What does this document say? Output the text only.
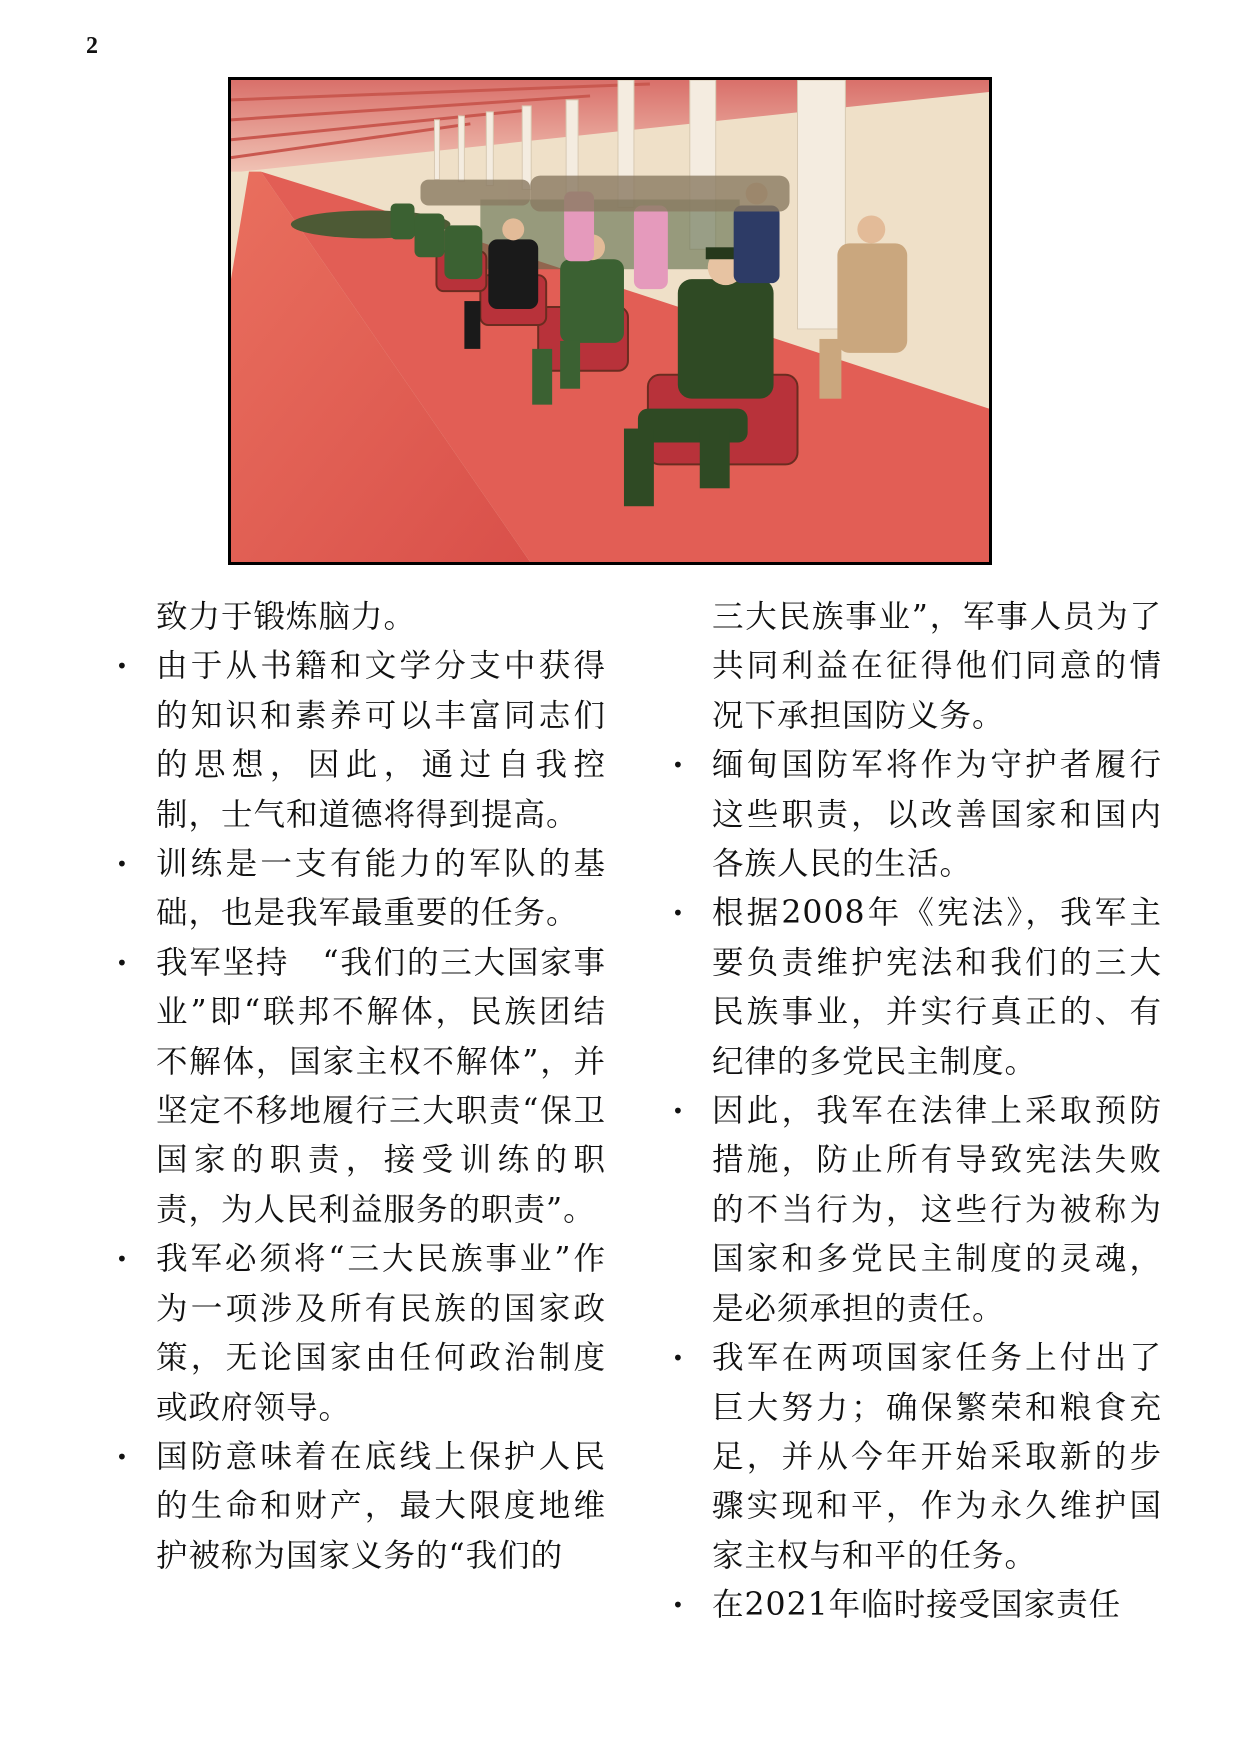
2
致力于锻炼脑力。
• 由于从书籍和文学分支中获得的知识和素养可以丰富同志们的思想，因此，通过自我控制，士气和道德将得到提高。
• 训练是一支有能力的军队的基础，也是我军最重要的任务。
• 我军坚持　“我们的三大国家事业”即“联邦不解体，民族团结不解体，国家主权不解体”，并坚定不移地履行三大职责“保卫国家的职责，接受训练的职责，为人民利益服务的职责”。
• 我军必须将“三大民族事业”作为一项涉及所有民族的国家政策，无论国家由任何政治制度或政府领导。
• 国防意味着在底线上保护人民的生命和财产，最大限度地维护被称为国家义务的“我们的
三大民族事业”，军事人员为了共同利益在征得他们同意的情况下承担国防义务。
• 缅甸国防军将作为守护者履行这些职责，以改善国家和国内各族人民的生活。
• 根据2008年《宪法》，我军主要负责维护宪法和我们的三大民族事业，并实行真正的、有纪律的多党民主制度。
• 因此，我军在法律上采取预防措施，防止所有导致宪法失败的不当行为，这些行为被称为国家和多党民主制度的灵魂，是必须承担的责任。
• 我军在两项国家任务上付出了巨大努力；确保繁荣和粮食充足，并从今年开始采取新的步骤实现和平，作为永久维护国家主权与和平的任务。
• 在2021年临时接受国家责任
